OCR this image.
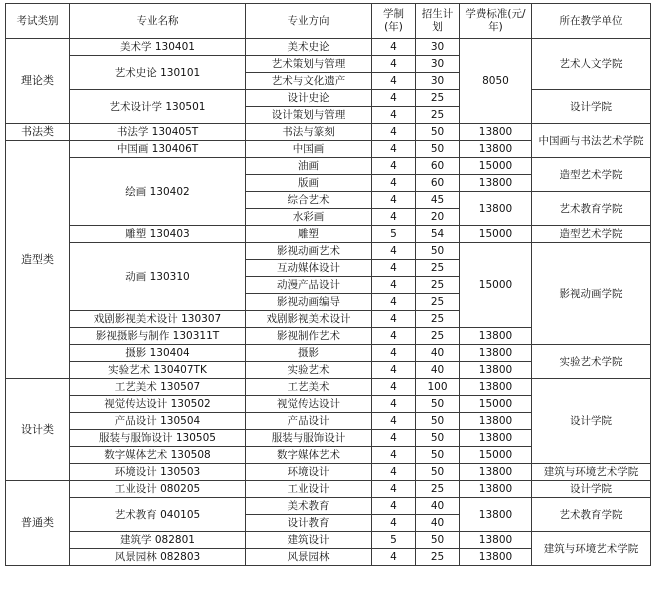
考试类别	专业名称	专业方向	学制(年)	招生计划	学费标准(元/年)	所在教学单位
理论类	美术学 130401	美术史论	4	30	8050	艺术人文学院
	艺术史论 130101	艺术策划与管理	4	30		
		艺术与文化遗产	4	30		
	艺术设计学 130501	设计史论	4	25		设计学院
		设计策划与管理	4	25		
书法类	书法学 130405T	书法与篆刻	4	50	13800	中国画与书法艺术学院
造型类	中国画 130406T	中国画	4	50	13800	
	绘画 130402	油画	4	60	15000	造型艺术学院
		版画	4	60	13800	
		综合艺术	4	45	13800	艺术教育学院
		水彩画	4	20		
	雕塑 130403	雕塑	5	54	15000	造型艺术学院
	动画 130310	影视动画艺术	4	50	15000	影视动画学院
		互动媒体设计	4	25		
		动漫产品设计	4	25		
		影视动画编导	4	25		
	戏剧影视美术设计 130307	戏剧影视美术设计	4	25		
	影视摄影与制作 130311T	影视制作艺术	4	25	13800	
	摄影 130404	摄影	4	40	13800	实验艺术学院
	实验艺术 130407TK	实验艺术	4	40	13800	
设计类	工艺美术 130507	工艺美术	4	100	13800	设计学院
	视觉传达设计 130502	视觉传达设计	4	50	15000	
	产品设计 130504	产品设计	4	50	13800	
	服装与服饰设计 130505	服装与服饰设计	4	50	13800	
	数字媒体艺术 130508	数字媒体艺术	4	50	15000	
	环境设计 130503	环境设计	4	50	13800	建筑与环境艺术学院
普通类	工业设计 080205	工业设计	4	25	13800	设计学院
	艺术教育 040105	美术教育	4	40	13800	艺术教育学院
		设计教育	4	40		
	建筑学 082801	建筑设计	5	50	13800	建筑与环境艺术学院
	风景园林 082803	风景园林	4	25	13800	
